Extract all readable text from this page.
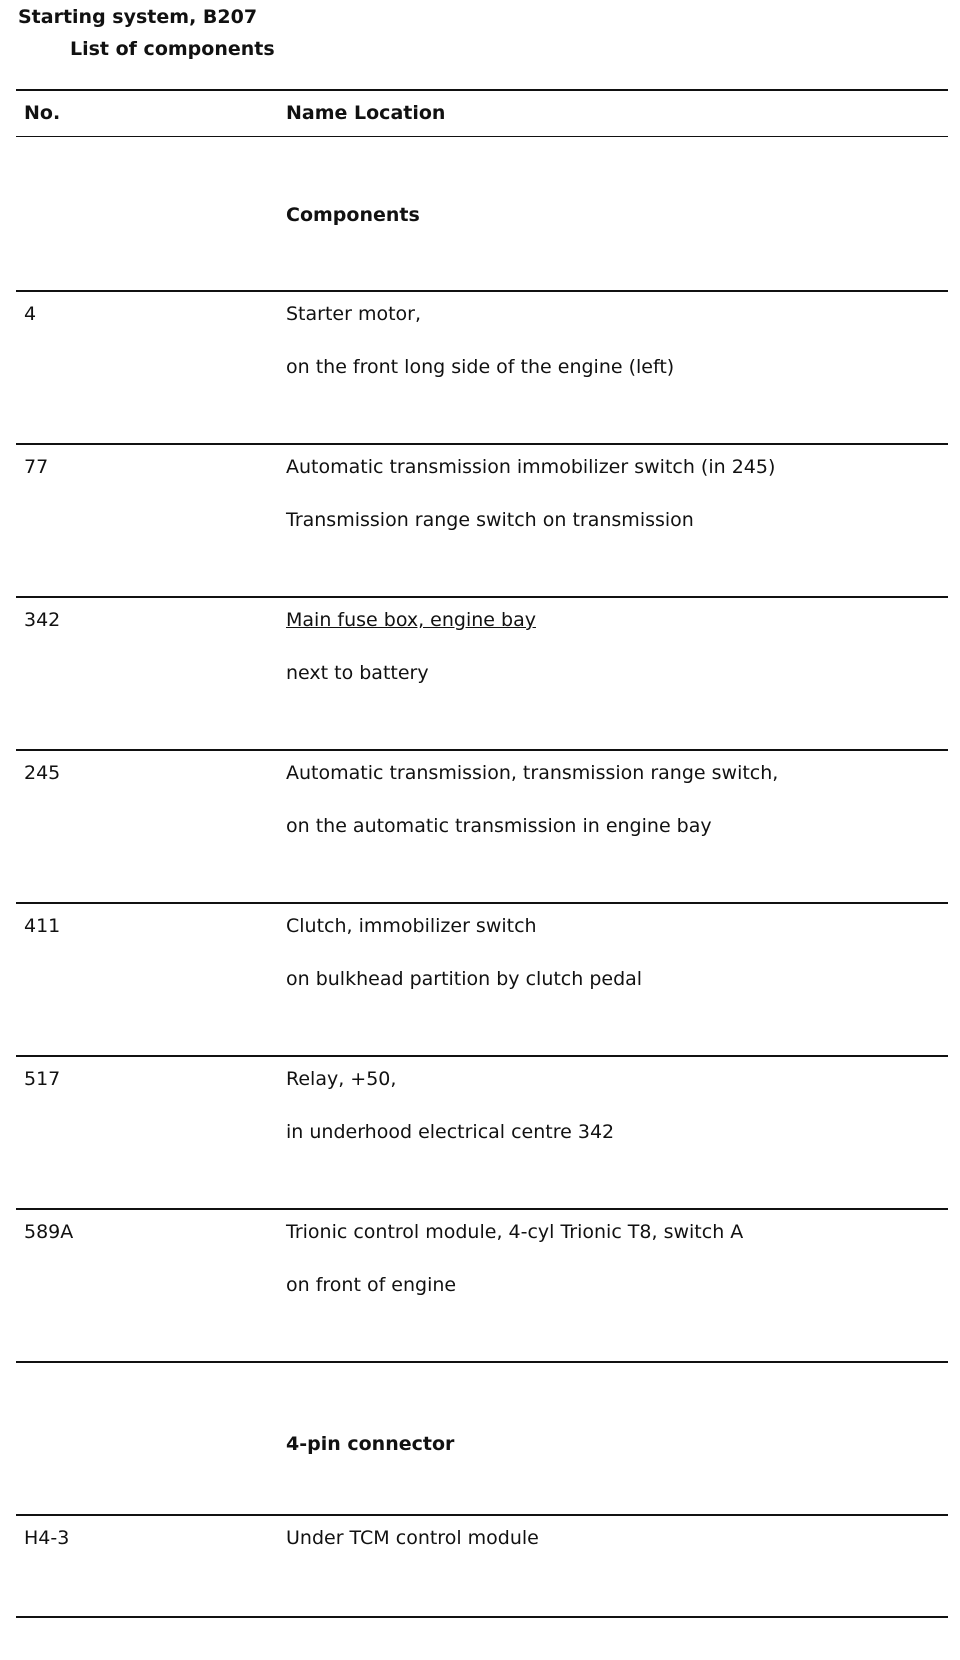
Starting system, B207
List of components
No.	Name Location
Components
4	Starter motor,
on the front long side of the engine (left)
77	Automatic transmission immobilizer switch (in 245)
Transmission range switch on transmission
342	Main fuse box, engine bay
next to battery
245	Automatic transmission, transmission range switch,
on the automatic transmission in engine bay
411	Clutch, immobilizer switch
on bulkhead partition by clutch pedal
517	Relay, +50,
in underhood electrical centre 342
589A	Trionic control module, 4-cyl Trionic T8, switch A
on front of engine
4-pin connector
H4-3	Under TCM control module
